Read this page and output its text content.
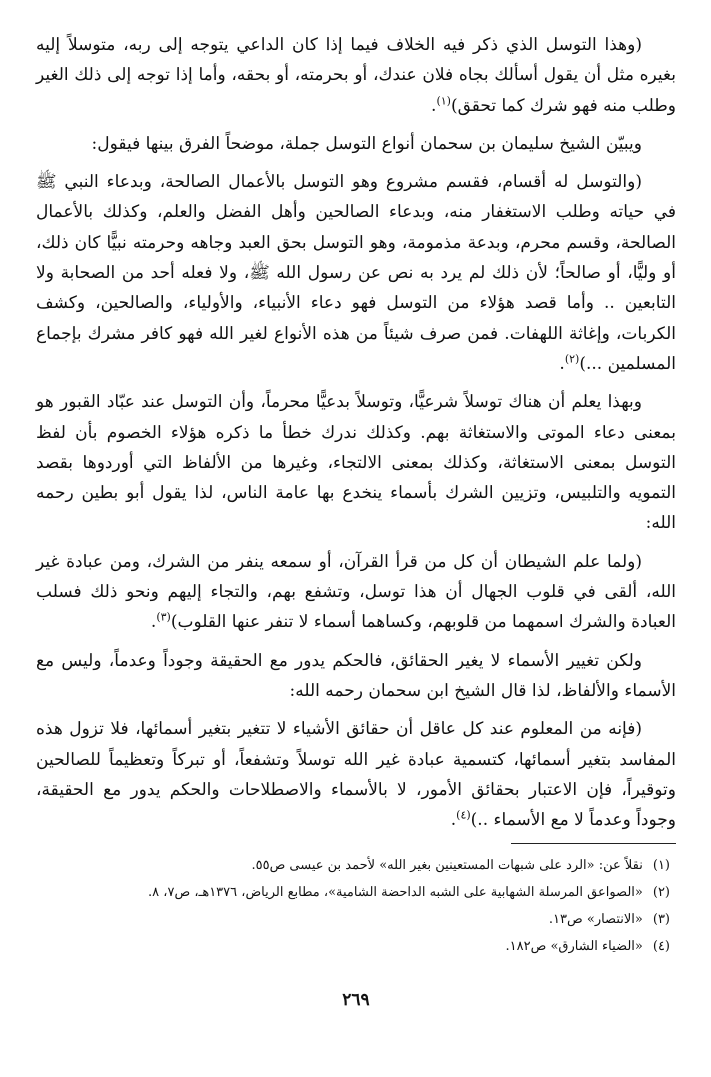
(وهذا التوسل الذي ذكر فيه الخلاف فيما إذا كان الداعي يتوجه إلى ربه، متوسلاً إليه بغيره مثل أن يقول أسألك بجاه فلان عندك، أو بحرمته، أو بحقه، وأما إذا توجه إلى ذلك الغير وطلب منه فهو شرك كما تحقق)$^{(١)}$.

ويبيّن الشيخ سليمان بن سحمان أنواع التوسل جملة، موضحاً الفرق بينها فيقول:

(والتوسل له أقسام، فقسم مشروع وهو التوسل بالأعمال الصالحة، وبدعاء النبي ﷺ في حياته وطلب الاستغفار منه، وبدعاء الصالحين وأهل الفضل والعلم، وكذلك بالأعمال الصالحة، وقسم محرم، وبدعة مذمومة، وهو التوسل بحق العبد وجاهه وحرمته نبيًّا كان ذلك، أو وليًّا، أو صالحاً؛ لأن ذلك لم يرد به نص عن رسول الله ﷺ، ولا فعله أحد من الصحابة ولا التابعين .. وأما قصد هؤلاء من التوسل فهو دعاء الأنبياء، والأولياء، والصالحين، وكشف الكربات، وإغاثة اللهفات. فمن صرف شيئاً من هذه الأنواع لغير الله فهو كافر مشرك بإجماع المسلمين ...)$^{(٢)}$.

وبهذا يعلم أن هناك توسلاً شرعيًّا، وتوسلاً بدعيًّا محرماً، وأن التوسل عند عبّاد القبور هو بمعنى دعاء الموتى والاستغاثة بهم. وكذلك ندرك خطأ ما ذكره هؤلاء الخصوم بأن لفظ التوسل بمعنى الاستغاثة، وكذلك بمعنى الالتجاء، وغيرها من الألفاظ التي أوردوها بقصد التمويه والتلبيس، وتزيين الشرك بأسماء ينخدع بها عامة الناس، لذا يقول أبو بطين رحمه الله:

(ولما علم الشيطان أن كل من قرأ القرآن، أو سمعه ينفر من الشرك، ومن عبادة غير الله، ألقى في قلوب الجهال أن هذا توسل، وتشفع بهم، والتجاء إليهم ونحو ذلك فسلب العبادة والشرك اسمهما من قلوبهم، وكساهما أسماء لا تنفر عنها القلوب)$^{(٣)}$.

ولكن تغيير الأسماء لا يغير الحقائق، فالحكم يدور مع الحقيقة وجوداً وعدماً، وليس مع الأسماء والألفاظ، لذا قال الشيخ ابن سحمان رحمه الله:

(فإنه من المعلوم عند كل عاقل أن حقائق الأشياء لا تتغير بتغير أسمائها، فلا تزول هذه المفاسد بتغير أسمائها، كتسمية عبادة غير الله توسلاً وتشفعاً، أو تبركاً وتعظيماً للصالحين وتوقيراً، فإن الاعتبار بحقائق الأمور، لا بالأسماء والاصطلاحات والحكم يدور مع الحقيقة، وجوداً وعدماً لا مع الأسماء ..)$^{(٤)}$.

(١)
نقلاً عن: «الرد على شبهات المستعينين بغير الله» لأحمد بن عيسى ص٥٥.
(٢)
«الصواعق المرسلة الشهابية على الشبه الداحضة الشامية»، مطابع الرياض، ١٣٧٦هـ، ص٧، ٨.
(٣)
«الانتصار» ص١٣.
(٤)
«الضياء الشارق» ص١٨٢.
٢٦٩
